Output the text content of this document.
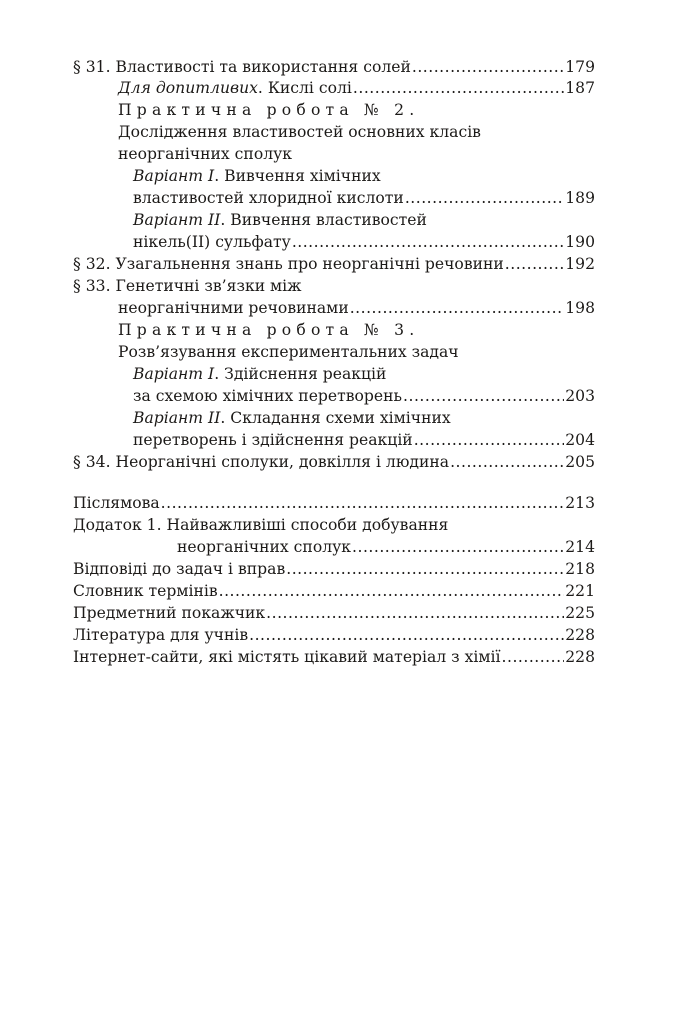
§ 31. Властивості та використання солей .....	179
Для допитливих. Кислі солі .....	187
Практична робота № 2.
Дослідження властивостей основних класів
неорганічних сполук
Варіант I. Вивчення хімічних
властивостей хлоридної кислоти .....	189
Варіант II. Вивчення властивостей
нікель(II) сульфату .....	190
§ 32. Узагальнення знань про неорганічні речовини .....	192
§ 33. Генетичні зв’язки між
неорганічними речовинами .....	198
Практична робота № 3.
Розв’язування експериментальних задач
Варіант I. Здійснення реакцій
за схемою хімічних перетворень .....	203
Варіант II. Складання схеми хімічних
перетворень і здійснення реакцій .....	204
§ 34. Неорганічні сполуки, довкілля і людина .....	205
Післямова .....	213
Додаток 1. Найважливіші способи добування
неорганічних сполук .....	214
Відповіді до задач і вправ .....	218
Словник термінів .....	221
Предметний покажчик .....	225
Література для учнів .....	228
Інтернет-сайти, які містять цікавий матеріал з хімії .....	228
